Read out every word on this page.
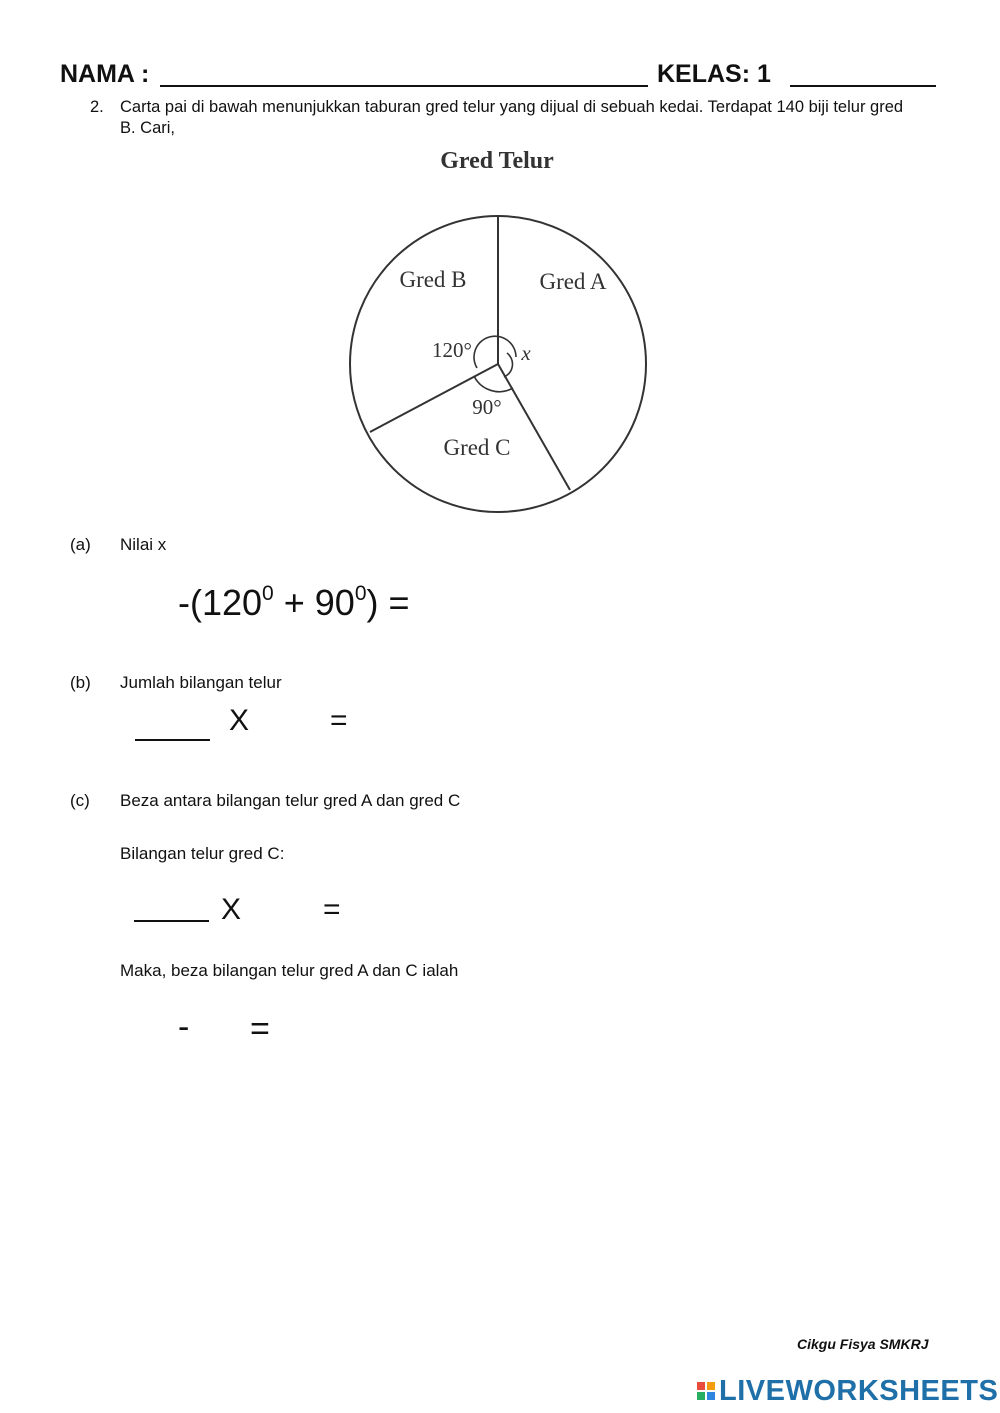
NAMA :	KELAS: 1
2. Carta pai di bawah menunjukkan taburan gred telur yang dijual di sebuah kedai. Terdapat 140 biji telur gred B. Cari,
Gred Telur
Gred B	Gred A
Gred C
120° x
90°
(a) Nilai x
$-(120^0 + 90^0)$ =
(b) Jumlah bilangan telur
X	=
(c) Beza antara bilangan telur gred A dan gred C
Bilangan telur gred C:
X	=
Maka, beza bilangan telur gred A dan C ialah
- =
Cikgu Fisya SMKRJ
LIVEWORKSHEETS
